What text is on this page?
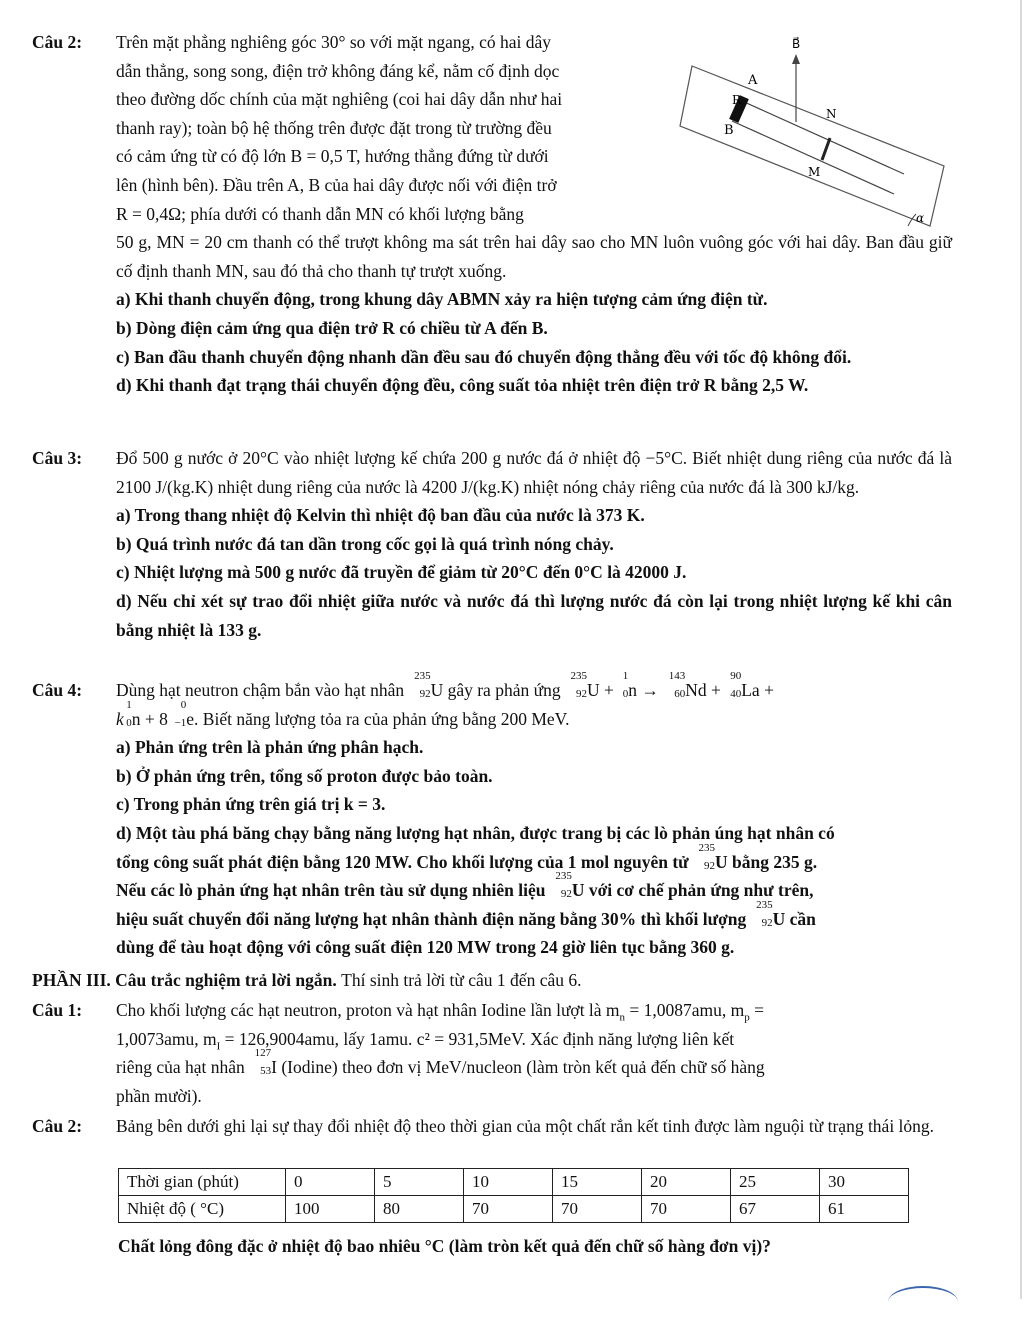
Câu 2: Trên mặt phẳng nghiêng góc 30° so với mặt ngang, có hai dây
dẫn thẳng, song song, điện trở không đáng kể, nằm cố định dọc
theo đường dốc chính của mặt nghiêng (coi hai dây dẫn như hai
thanh ray); toàn bộ hệ thống trên được đặt trong từ trường đều
có cảm ứng từ có độ lớn B = 0,5 T, hướng thẳng đứng từ dưới
lên (hình bên). Đầu trên A, B của hai dây được nối với điện trở
R = 0,4Ω; phía dưới có thanh dẫn MN có khối lượng bằng
50 g, MN = 20 cm thanh có thể trượt không ma sát trên hai dây sao cho MN luôn vuông góc với hai dây. Ban đầu giữ cố định thanh MN, sau đó thả cho thanh tự trượt xuống.
a) Khi thanh chuyển động, trong khung dây ABMN xảy ra hiện tượng cảm ứng điện từ.
b) Dòng điện cảm ứng qua điện trở R có chiều từ A đến B.
c) Ban đầu thanh chuyển động nhanh dần đều sau đó chuyển động thẳng đều với tốc độ không đổi.
d) Khi thanh đạt trạng thái chuyển động đều, công suất tỏa nhiệt trên điện trở R bằng 2,5 W.
B⃗
A
R
N
B
M
α
Câu 3: Đổ 500 g nước ở 20°C vào nhiệt lượng kế chứa 200 g nước đá ở nhiệt độ −5°C. Biết nhiệt dung riêng của nước đá là 2100 J/(kg.K) nhiệt dung riêng của nước là 4200 J/(kg.K) nhiệt nóng chảy riêng của nước đá là 300 kJ/kg.
a) Trong thang nhiệt độ Kelvin thì nhiệt độ ban đầu của nước là 373 K.
b) Quá trình nước đá tan dần trong cốc gọi là quá trình nóng chảy.
c) Nhiệt lượng mà 500 g nước đã truyền để giảm từ 20°C đến 0°C là 42000 J.
d) Nếu chỉ xét sự trao đổi nhiệt giữa nước và nước đá thì lượng nước đá còn lại trong nhiệt lượng kế khi cân bằng nhiệt là 133 g.
Câu 4: Dùng hạt neutron chậm bắn vào hạt nhân
235
92 U gây ra phản ứng
235
92 U +
1
0 n →
143
60 Nd +
90
40 La +
k
1
0 n + 8
0
−1 e. Biết năng lượng tỏa ra của phản ứng bằng 200 MeV.
a) Phản ứng trên là phản ứng phân hạch.
b) Ở phản ứng trên, tổng số proton được bảo toàn.
c) Trong phản ứng trên giá trị k = 3.
d) Một tàu phá băng chạy bằng năng lượng hạt nhân, được trang bị các lò phản úng hạt nhân có
tổng công suất phát điện bằng 120 MW. Cho khối lượng của 1 mol nguyên tử
235
92 U bằng 235 g.
Nếu các lò phản ứng hạt nhân trên tàu sử dụng nhiên liệu
235
92 U với cơ chế phản ứng như trên,
hiệu suất chuyển đổi năng lượng hạt nhân thành điện năng bằng 30% thì khối lượng
235
92 U cần
dùng để tàu hoạt động với công suất điện 120 MW trong 24 giờ liên tục bằng 360 g.
PHẦN III. Câu trắc nghiệm trả lời ngắn. Thí sinh trả lời từ câu 1 đến câu 6.
Câu 1: Cho khối lượng các hạt neutron, proton và hạt nhân Iodine lần lượt là $m_n = 1,0087amu$, $m_p$ =
1,0073amu, $m_I = 126,9004amu$, lấy 1amu. c² = 931,5MeV. Xác định năng lượng liên kết
riêng của hạt nhân
127
53 I (Iodine) theo đơn vị MeV/nucleon (làm tròn kết quả đến chữ số hàng
phần mười).
Câu 2: Bảng bên dưới ghi lại sự thay đổi nhiệt độ theo thời gian của một chất rắn kết tinh được làm nguội từ trạng thái lỏng.
Thời gian (phút)	0	5	10	15	20	25	30
Nhiệt độ ( °C)	100	80	70	70	70	67	61
Chất lỏng đông đặc ở nhiệt độ bao nhiêu °C (làm tròn kết quả đến chữ số hàng đơn vị)?
